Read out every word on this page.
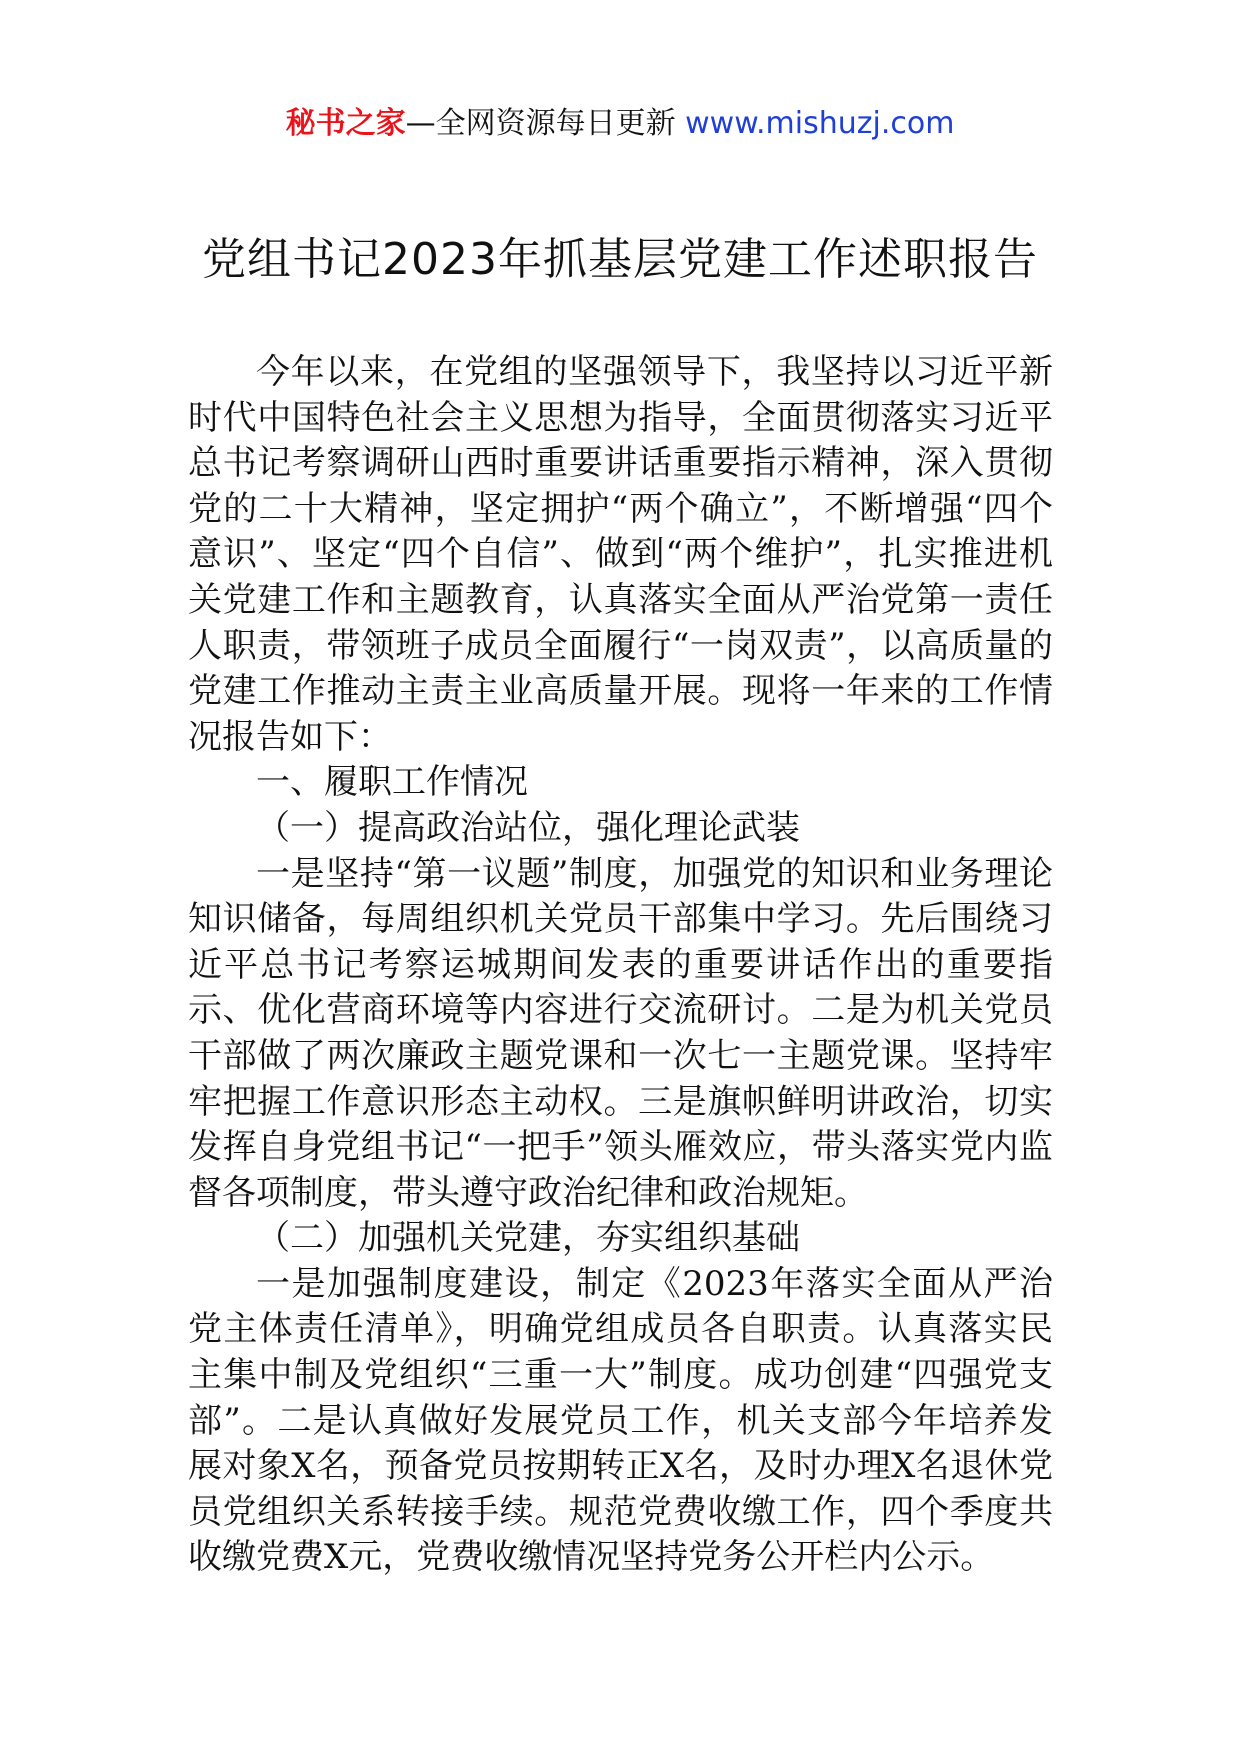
秘书之家—全网资源每日更新 www.mishuzj.com
党组书记2023年抓基层党建工作述职报告

今年以来，在党组的坚强领导下，我坚持以习近平新时代中国特色社会主义思想为指导，全面贯彻落实习近平总书记考察调研山西时重要讲话重要指示精神，深入贯彻党的二十大精神，坚定拥护“两个确立”，不断增强“四个意识”、坚定“四个自信”、做到“两个维护”，扎实推进机关党建工作和主题教育，认真落实全面从严治党第一责任人职责，带领班子成员全面履行“一岗双责”，以高质量的党建工作推动主责主业高质量开展。现将一年来的工作情况报告如下：

一、履职工作情况

（一）提高政治站位，强化理论武装

一是坚持“第一议题”制度，加强党的知识和业务理论知识储备，每周组织机关党员干部集中学习。先后围绕习近平总书记考察运城期间发表的重要讲话作出的重要指示、优化营商环境等内容进行交流研讨。二是为机关党员干部做了两次廉政主题党课和一次七一主题党课。坚持牢牢把握工作意识形态主动权。三是旗帜鲜明讲政治，切实发挥自身党组书记“一把手”领头雁效应，带头落实党内监督各项制度，带头遵守政治纪律和政治规矩。

（二）加强机关党建，夯实组织基础

一是加强制度建设，制定《2023年落实全面从严治党主体责任清单》，明确党组成员各自职责。认真落实民主集中制及党组织“三重一大”制度。成功创建“四强党支部”。二是认真做好发展党员工作，机关支部今年培养发展对象X名，预备党员按期转正X名，及时办理X名退休党员党组织关系转接手续。规范党费收缴工作，四个季度共收缴党费X元，党费收缴情况坚持党务公开栏内公示。
